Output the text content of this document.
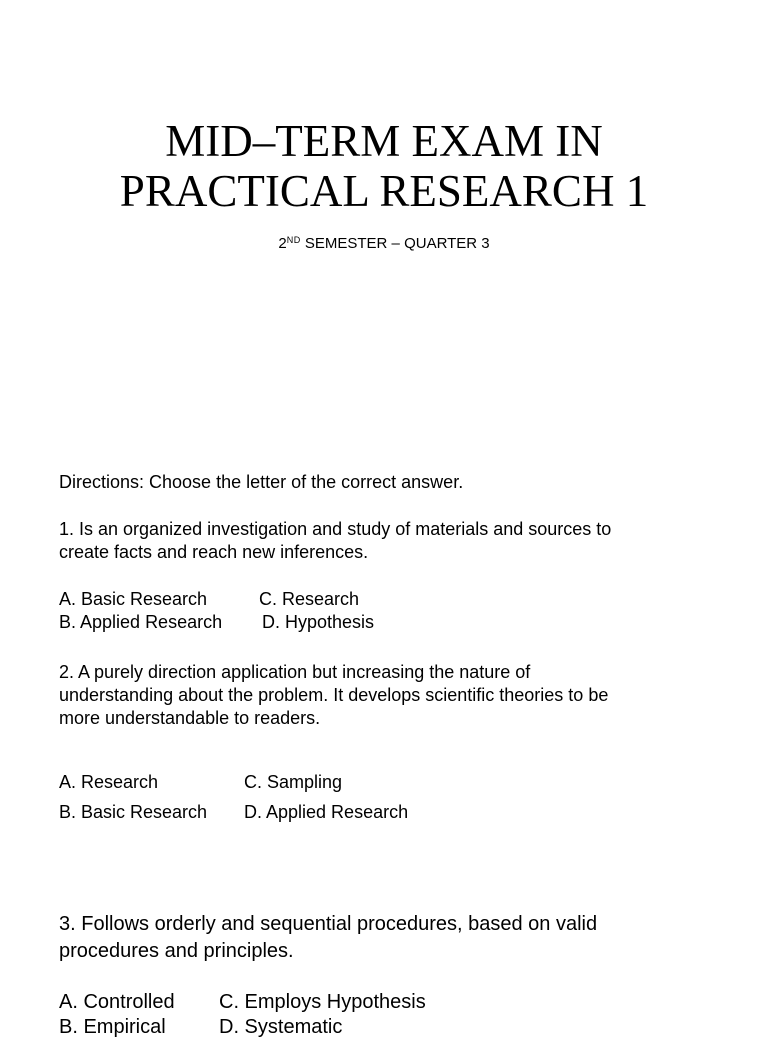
MID–TERM EXAM IN
PRACTICAL RESEARCH 1
2ND SEMESTER – QUARTER 3
Directions: Choose the letter of the correct answer.
1. Is an organized investigation and study of materials and sources to
create facts and reach new inferences.
A. Basic Research	C. Research
B. Applied Research D. Hypothesis
2. A purely direction application but increasing the nature of
understanding about the problem. It develops scientific theories to be
more understandable to readers.
A. Research	C. Sampling
B. Basic Research D. Applied Research
3. Follows orderly and sequential procedures, based on valid
procedures and principles.
A. Controlled C. Employs Hypothesis
B. Empirical	D. Systematic
